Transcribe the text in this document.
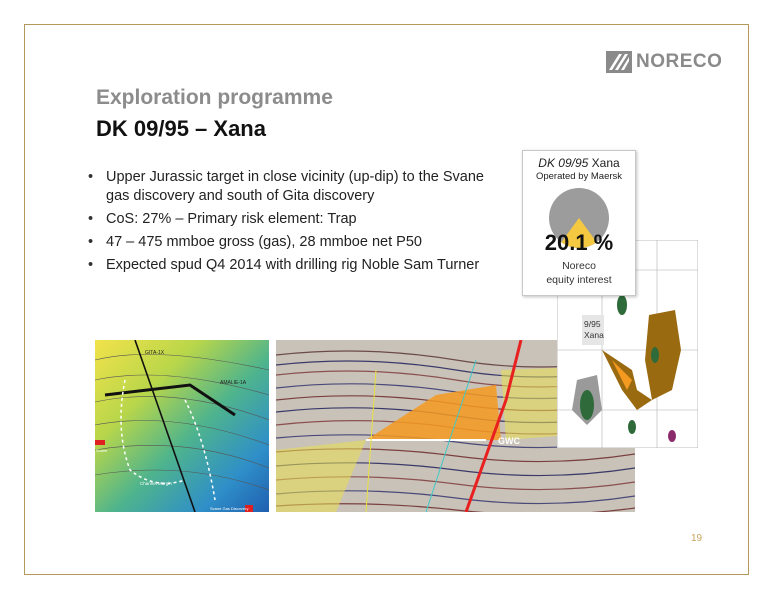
NORECO
Exploration programme
DK 09/95 – Xana
• Upper Jurassic target in close vicinity (up-dip) to the Svane gas discovery and south of Gita discovery
• CoS: 27% – Primary risk element: Trap
• 47 – 475 mmboe gross (gas), 28 mmboe net P50
• Expected spud Q4 2014 with drilling rig Noble Sam Turner
GITA-1X
AMALIE-1A
Channel Margin
Svane Gas Discovery
Svane
GWC
9/95
Xana
DK 09/95 Xana
Operated by Maersk
20.1 %
Noreco
equity interest
19
